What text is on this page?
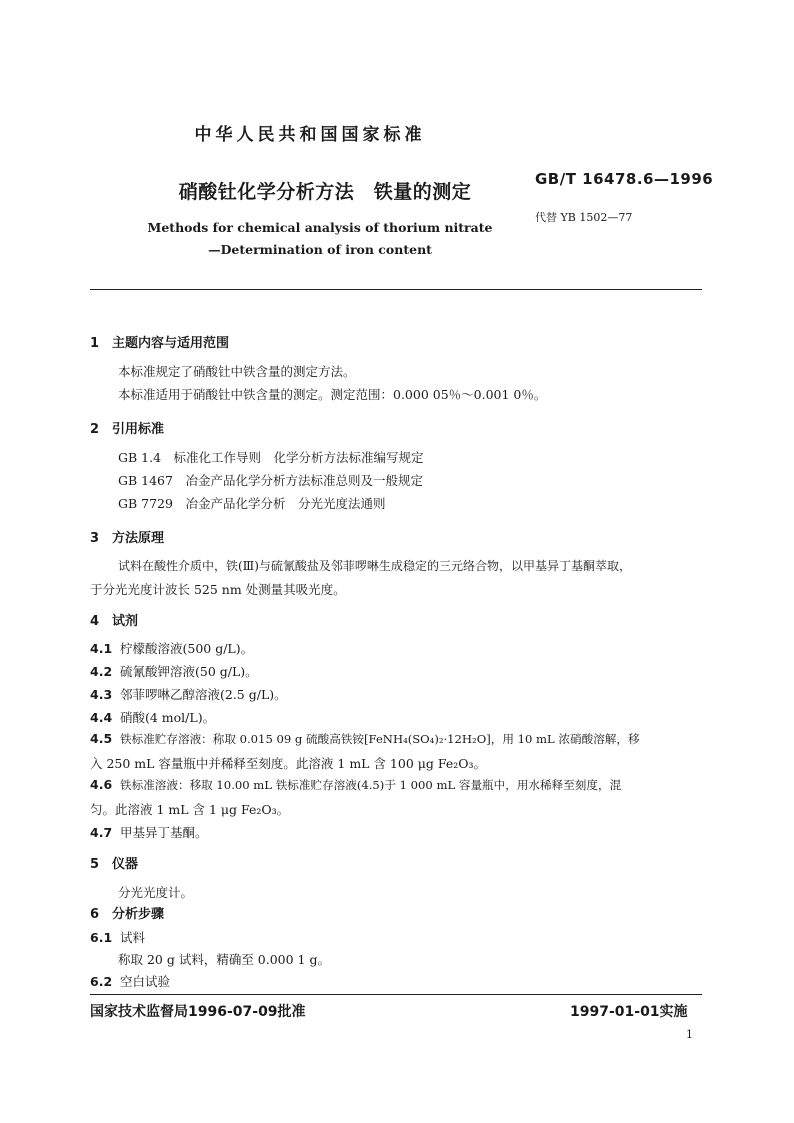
中华人民共和国国家标准
GB/T 16478.6—1996
硝酸钍化学分析方法　铁量的测定
代替 YB 1502—77
Methods for chemical analysis of thorium nitrate
—Determination of iron content
1 主题内容与适用范围
本标准规定了硝酸钍中铁含量的测定方法。
本标准适用于硝酸钍中铁含量的测定。测定范围：0.000 05％～0.001 0％。
2 引用标准
GB 1.4　标准化工作导则　化学分析方法标准编写规定
GB 1467　冶金产品化学分析方法标准总则及一般规定
GB 7729　冶金产品化学分析　分光光度法通则
3 方法原理
试料在酸性介质中，铁(Ⅲ)与硫氰酸盐及邻菲啰啉生成稳定的三元络合物，以甲基异丁基酮萃取，
于分光光度计波长 525 nm 处测量其吸光度。
4 试剂
4.1 柠檬酸溶液(500 g/L)。
4.2 硫氰酸钾溶液(50 g/L)。
4.3 邻菲啰啉乙醇溶液(2.5 g/L)。
4.4 硝酸(4 mol/L)。
4.5 铁标准贮存溶液：称取 0.015 09 g 硫酸高铁铵[FeNH₄(SO₄)₂·12H₂O]，用 10 mL 浓硝酸溶解，移
入 250 mL 容量瓶中并稀释至刻度。此溶液 1 mL 含 100 μg Fe₂O₃。
4.6 铁标准溶液：移取 10.00 mL 铁标准贮存溶液(4.5)于 1 000 mL 容量瓶中，用水稀释至刻度，混
匀。此溶液 1 mL 含 1 μg Fe₂O₃。
4.7 甲基异丁基酮。
5 仪器
分光光度计。
6 分析步骤
6.1 试料
称取 20 g 试料，精确至 0.000 1 g。
国家技术监督局1996-07-09批准	1997-01-01实施
1
6.2 空白试验
